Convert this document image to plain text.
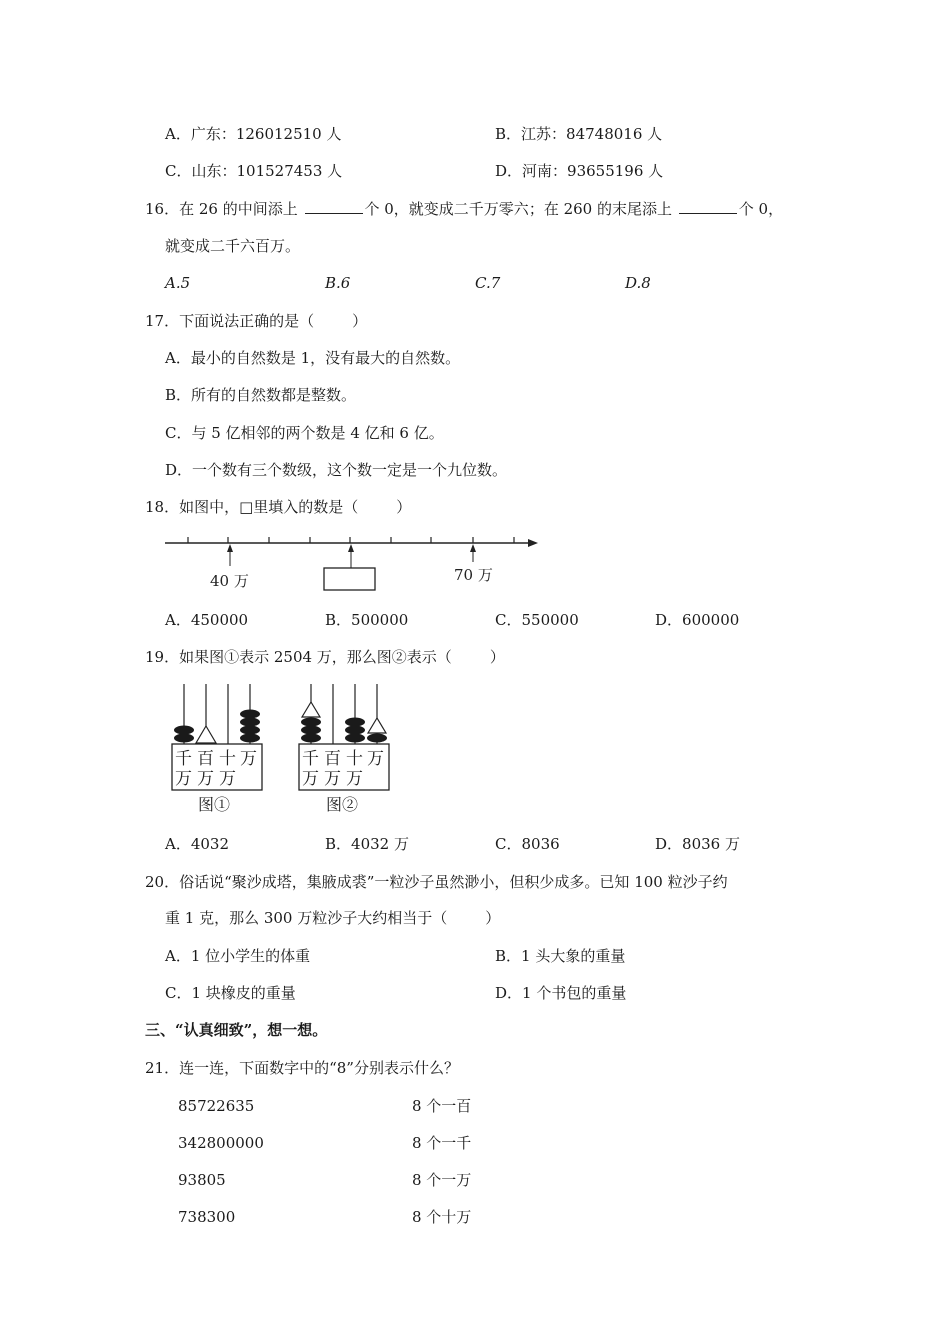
A．广东：126012510 人	B．江苏：84748016 人
C．山东：101527453 人	D．河南：93655196 人
16．在 26 的中间添上	个 0，就变成二千万零六；在 260 的末尾添上	个 0，
就变成二千六百万。
A.5	B.6	C.7	D.8
17．下面说法正确的是（	）
A．最小的自然数是 1，没有最大的自然数。
B．所有的自然数都是整数。
C．与 5 亿相邻的两个数是 4 亿和 6 亿。
D．一个数有三个数级，这个数一定是一个九位数。
18．如图中，□里填入的数是（	）
40 万	70 万
A．450000	B．500000	C．550000	D．600000
19．如果图①表示 2504 万，那么图②表示（	）
千 百 十 万
万 万 万
图①
千 百 十 万
万 万 万
图②
A．4032	B．4032 万	C．8036	D．8036 万
20．俗话说“聚沙成塔，集腋成裘”一粒沙子虽然渺小，但积少成多。已知 100 粒沙子约
重 1 克，那么 300 万粒沙子大约相当于（	）
A．1 位小学生的体重	B．1 头大象的重量
C．1 块橡皮的重量	D．1 个书包的重量
三、“认真细致”，想一想。
21．连一连，下面数字中的“8”分别表示什么？
85722635	8 个一百
342800000	8 个一千
93805	8 个一万
738300	8 个十万
